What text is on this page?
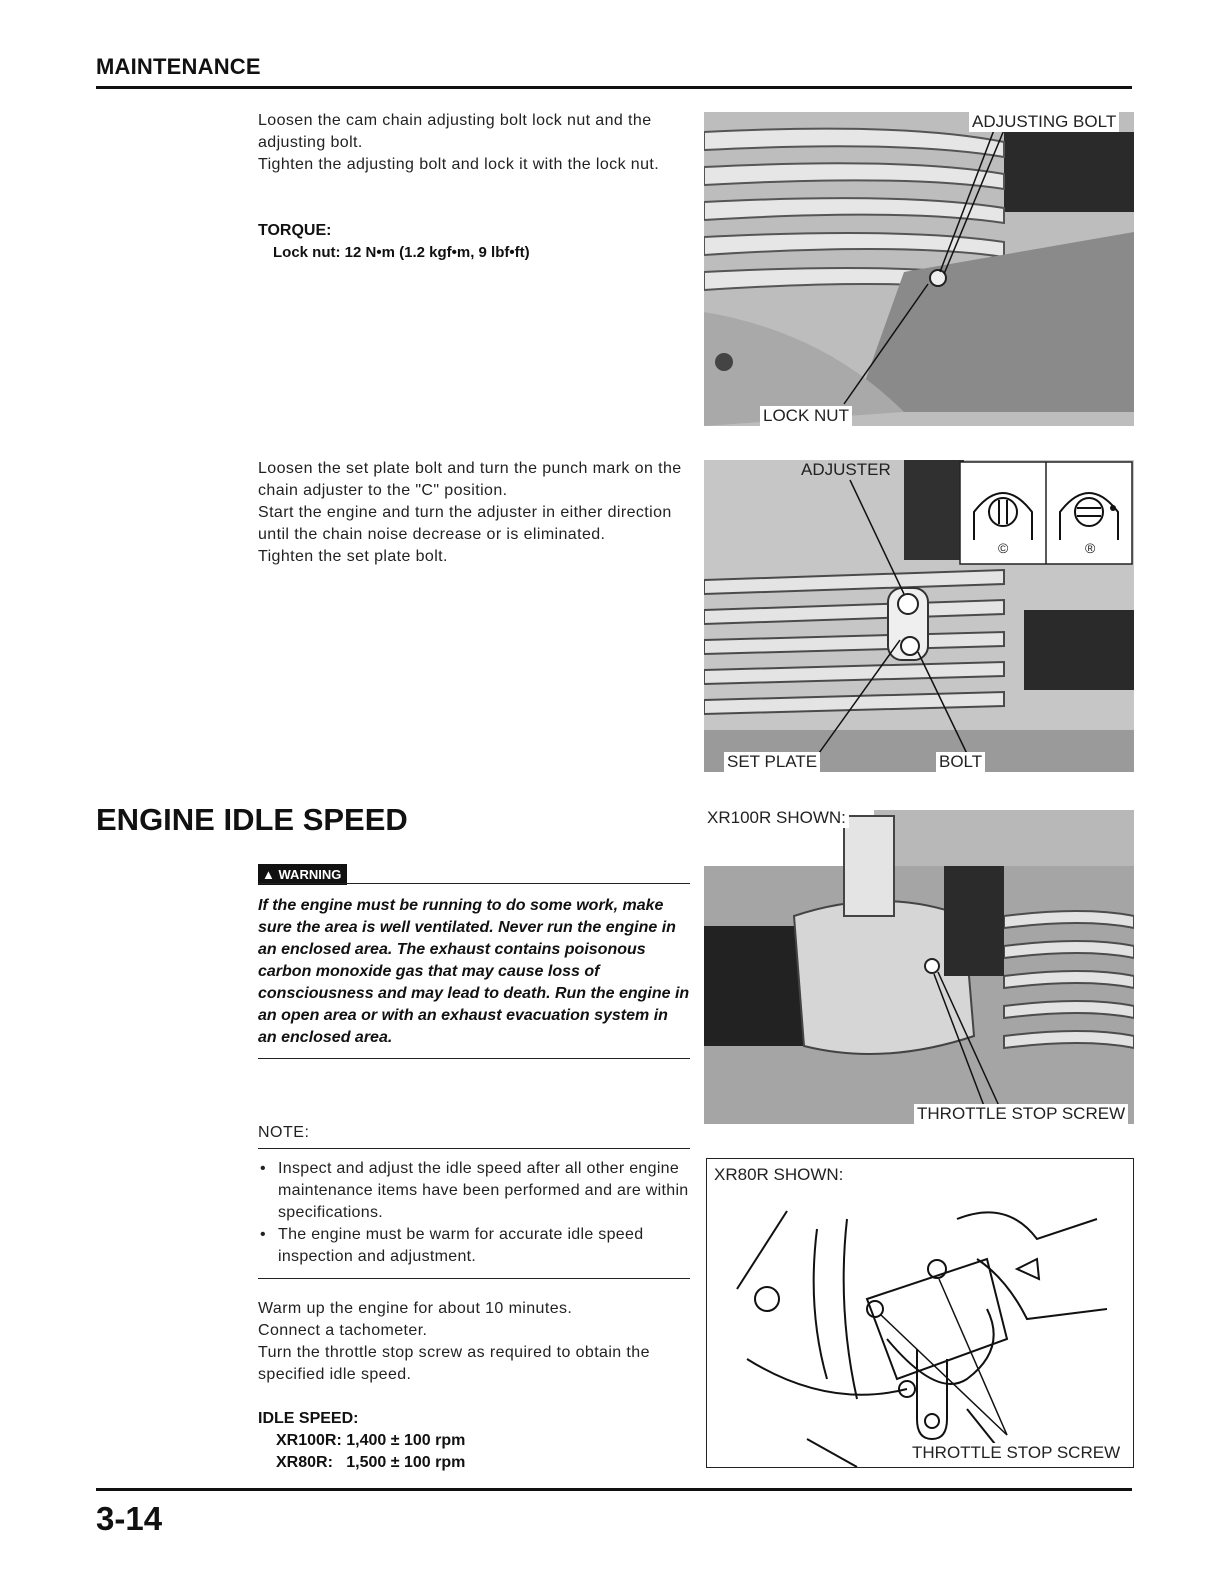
MAINTENANCE

Loosen the cam chain adjusting bolt lock nut and the adjusting bolt.

Tighten the adjusting bolt and lock it with the lock nut.

TORQUE:
Lock nut: 12 N•m (1.2 kgf•m, 9 lbf•ft)
ADJUSTING BOLT
LOCK NUT

Loosen the set plate bolt and turn the punch mark on the chain adjuster to the "C" position.

Start the engine and turn the adjuster in either direction until the chain noise decrease or is eliminated.

Tighten the set plate bolt.

ADJUSTER
©	®
SET PLATE	BOLT
ENGINE IDLE SPEED
▲ WARNING
If the engine must be running to do some work, make sure the area is well ventilated. Never run the engine in an enclosed area. The exhaust contains poisonous carbon monoxide gas that may cause loss of consciousness and may lead to death. Run the engine in an open area or with an exhaust evacuation system in an enclosed area.
NOTE:
• Inspect and adjust the idle speed after all other engine maintenance items have been performed and are within specifications.
• The engine must be warm for accurate idle speed inspection and adjustment.

Warm up the engine for about 10 minutes.

Connect a tachometer.

Turn the throttle stop screw as required to obtain the specified idle speed.

IDLE SPEED:
XR100R: 1,400 ± 100 rpm
XR80R:   1,500 ± 100 rpm
XR100R SHOWN:
THROTTLE STOP SCREW
XR80R SHOWN:
THROTTLE STOP SCREW
3-14
